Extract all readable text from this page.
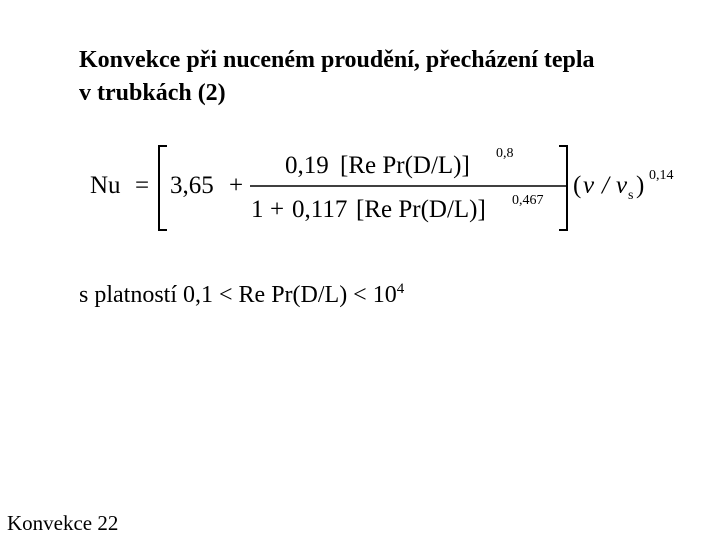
Konvekce při nuceném proudění, přecházení tepla
v trubkách (2)
Nu = 3,65 +
0,19 [Re Pr(D/L)] 0,8
1 + 0,117 [Re Pr(D/L)] 0,467
( ν / ν s ) 0,14
s platností 0,1 < Re $Pr(D/L) < 10^4$
Konvekce 22
